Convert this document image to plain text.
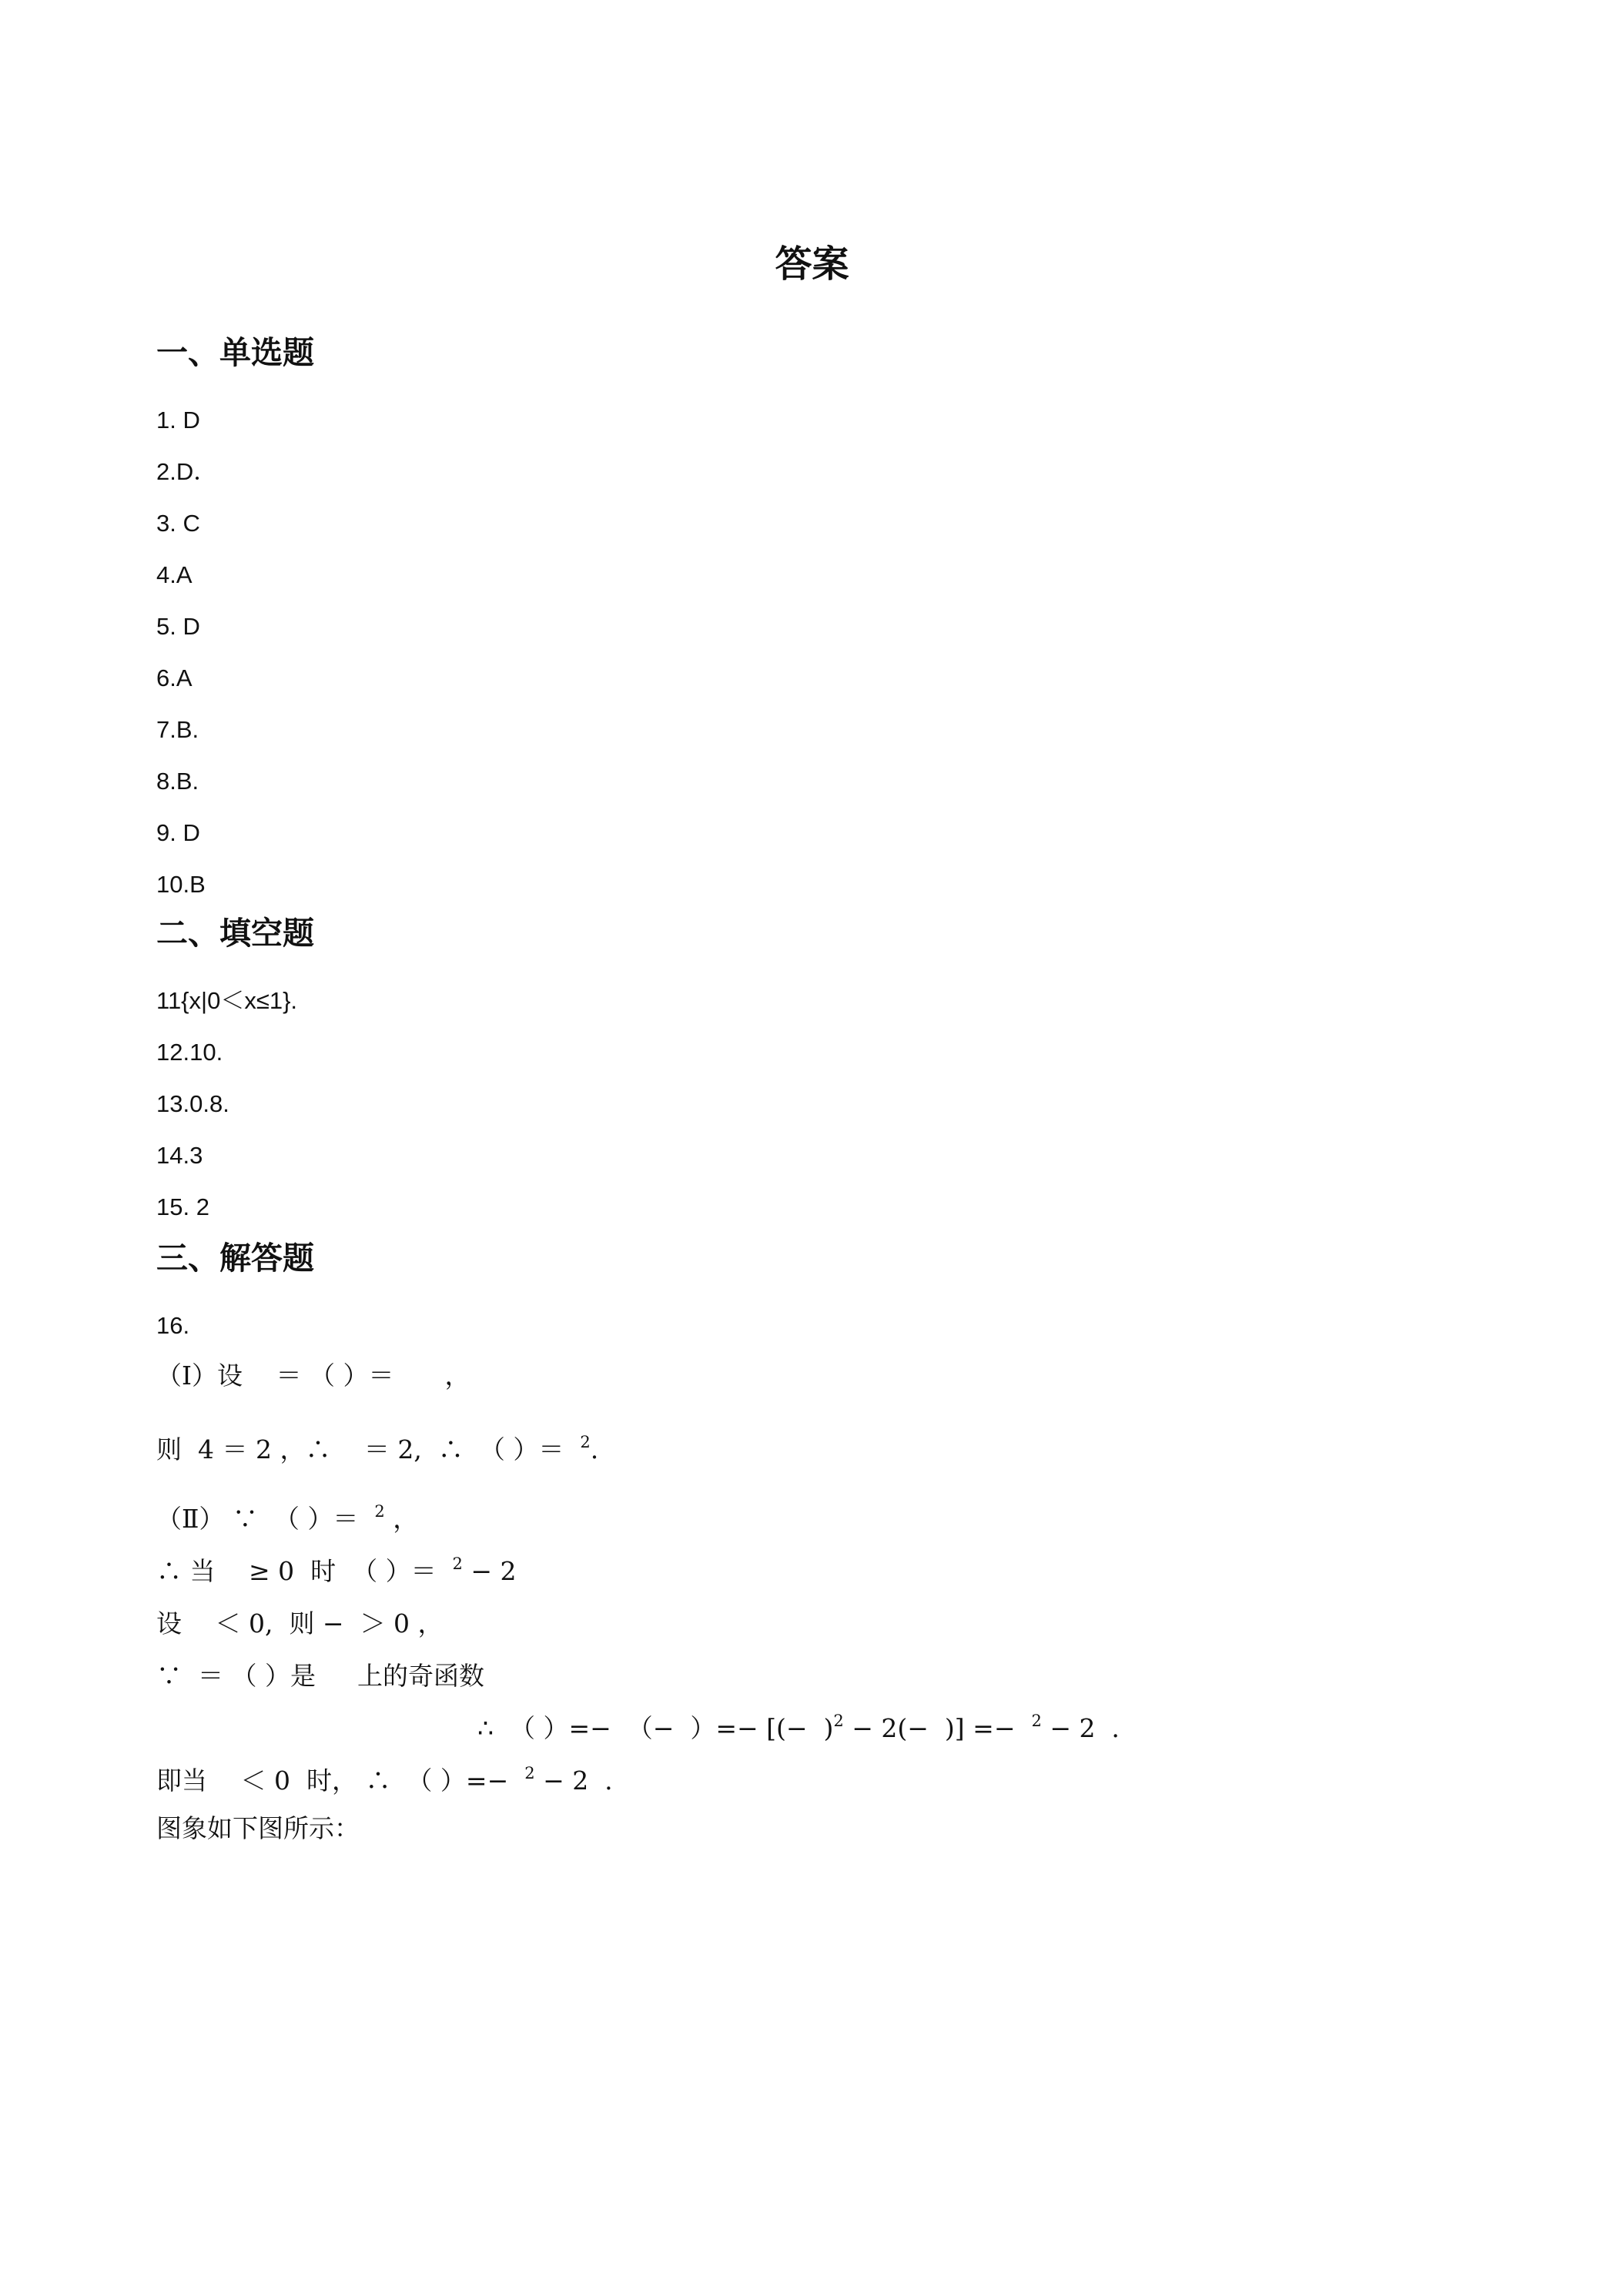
答案
一、单选题
1. D
2.D．
3. C
4.A
5. D
6.A
7.B.
8.B.
9. D
10.B
二、填空题
11{x|0＜x≤1}.
12.10.
13.0.8.
14.3
15. 2
三、解答题
16.
（Ⅰ）设　 ＝ （ ）＝　　，
则  4 ＝ 2 ，∴ 　＝ 2,  ∴  （ ）＝  $^2$.
（Ⅱ） ∵  （ ）＝  $^2$ ，
∴ 当 　≥ 0  时  （ ）＝  $^2$ − 2
设 　＜ 0,  则 −  ＞ 0 ，
∵  ＝ （ ）是 　 上的奇函数
∴  （ ）=−  （−  ）=− [(−  )$^2$ − 2(−  )] =−  $^2$ − 2  .
即当 　＜ 0  时， ∴  （ ）=−  $^2$ − 2  .
图象如下图所示：
